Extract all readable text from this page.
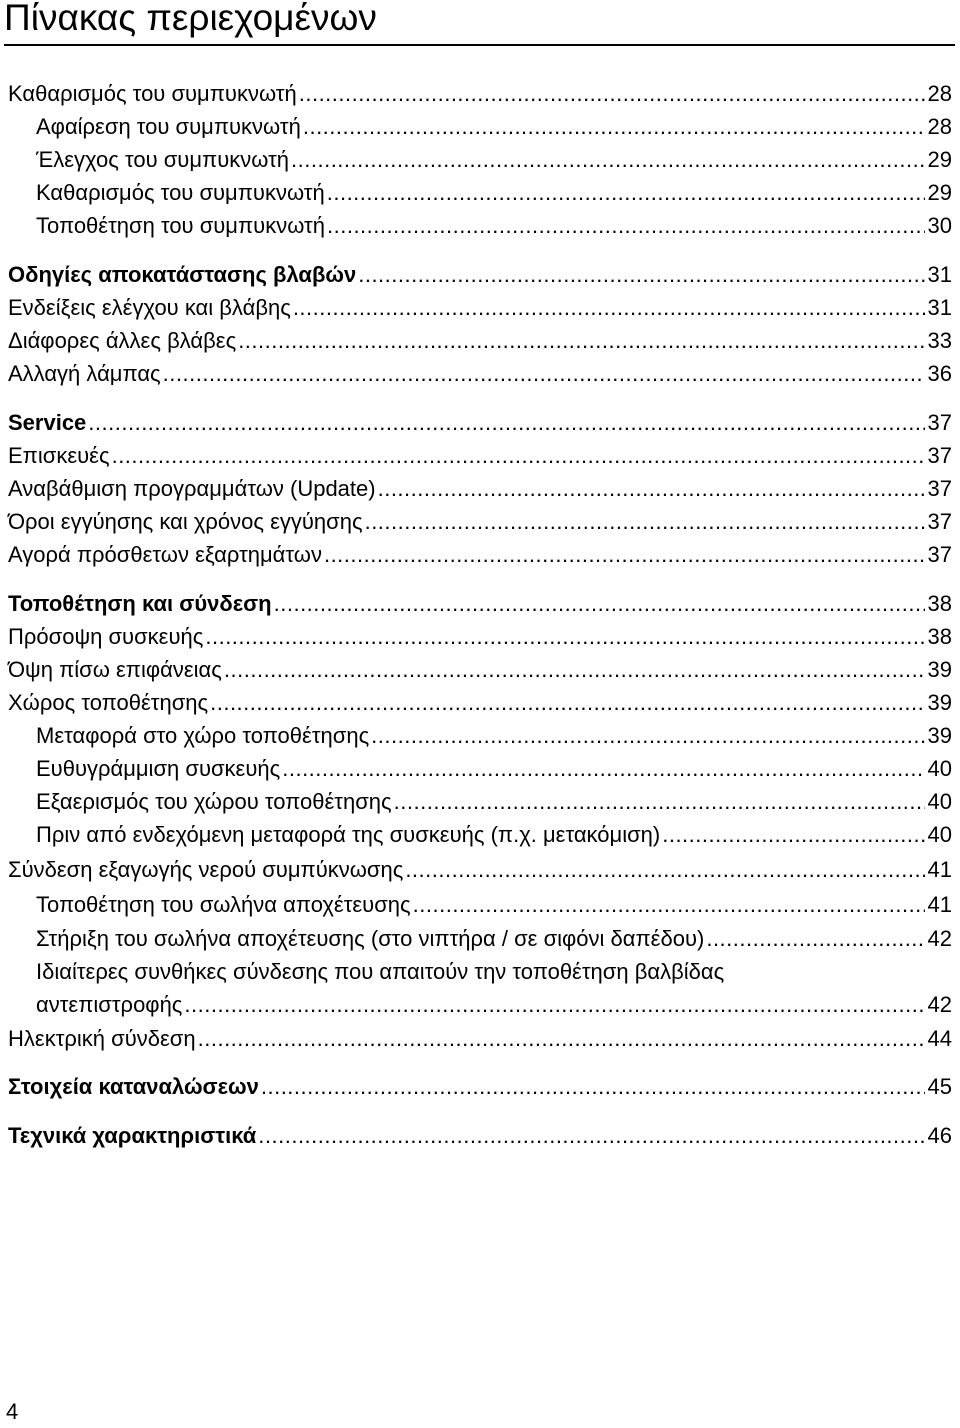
Πίνακας περιεχομένων
Καθαρισμός του συμπυκνωτή .....	28
Αφαίρεση του συμπυκνωτή .....	28
Έλεγχος του συμπυκνωτή .....	29
Καθαρισμός του συμπυκνωτή .....	29
Τοποθέτηση του συμπυκνωτή .....	30
Οδηγίες αποκατάστασης βλαβών .....	31
Ενδείξεις ελέγχου και βλάβης .....	31
Διάφορες άλλες βλάβες .....	33
Αλλαγή λάμπας .....	36
Service .....	37
Επισκευές .....	37
Αναβάθμιση προγραμμάτων (Update) .....	37
Όροι εγγύησης και χρόνος εγγύησης .....	37
Αγορά πρόσθετων εξαρτημάτων .....	37
Τοποθέτηση και σύνδεση .....	38
Πρόσοψη συσκευής .....	38
Όψη πίσω επιφάνειας .....	39
Χώρος τοποθέτησης .....	39
Μεταφορά στο χώρο τοποθέτησης .....	39
Ευθυγράμμιση συσκευής .....	40
Εξαερισμός του χώρου τοποθέτησης .....	40
Πριν από ενδεχόμενη μεταφορά της συσκευής (π.χ. μετακόμιση) .....	40
Σύνδεση εξαγωγής νερού συμπύκνωσης .....	41
Τοποθέτηση του σωλήνα αποχέτευσης .....	41
Στήριξη του σωλήνα αποχέτευσης (στο νιπτήρα / σε σιφόνι δαπέδου) .....	42
Ιδιαίτερες συνθήκες σύνδεσης που απαιτούν την τοποθέτηση βαλβίδας
αντεπιστροφής .....	42
Ηλεκτρική σύνδεση .....	44
Στοιχεία καταναλώσεων .....	45
Τεχνικά χαρακτηριστικά .....	46
4
